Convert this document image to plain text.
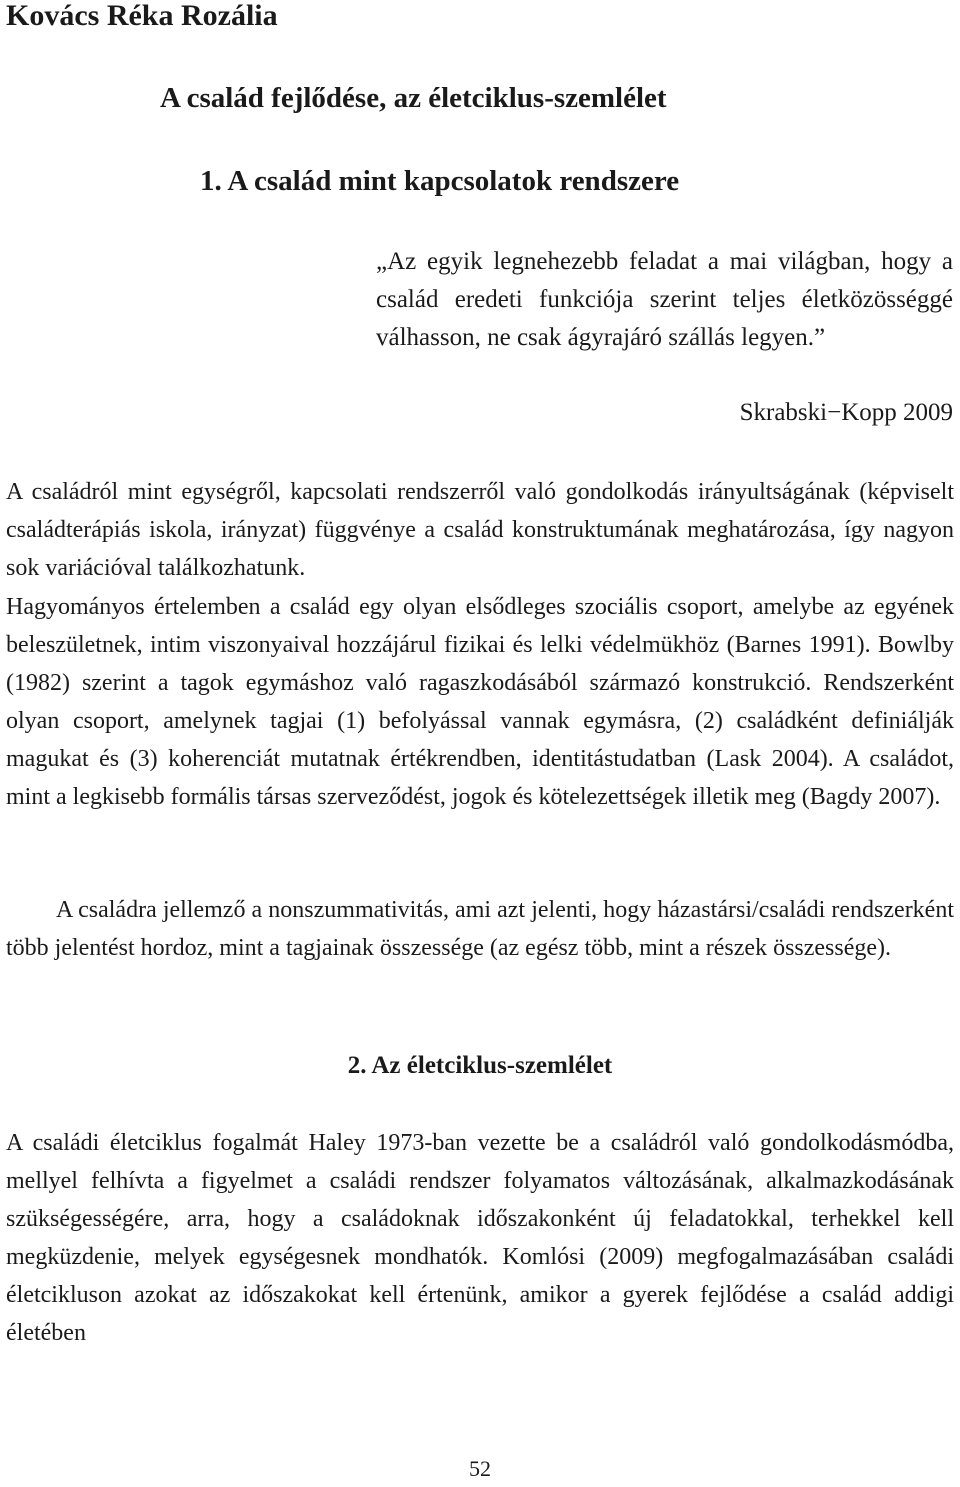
Kovács Réka Rozália

A család fejlődése, az életciklus-szemlélet
1. A család mint kapcsolatok rendszere

„Az egyik legnehezebb feladat a mai világban, hogy a család eredeti funkciója szerint teljes életközösséggé válhasson, ne csak ágyrajáró szállás legyen.”

Skrabski−Kopp 2009

A családról mint egységről, kapcsolati rendszerről való gondolkodás irányultságának (képviselt családterápiás iskola, irányzat) függvénye a család konstruktumának meghatározása, így nagyon sok variációval találkozhatunk.

Hagyományos értelemben a család egy olyan elsődleges szociális csoport, amelybe az egyének beleszületnek, intim viszonyaival hozzájárul fizikai és lelki védelmükhöz (Barnes 1991). Bowlby (1982) szerint a tagok egymáshoz való ragaszkodásából származó konstrukció. Rendszerként olyan csoport, amelynek tagjai (1) befolyással vannak egymásra, (2) családként definiálják magukat és (3) koherenciát mutatnak értékrendben, identitástudatban (Lask 2004). A családot, mint a legkisebb formális társas szerveződést, jogok és kötelezettségek illetik meg (Bagdy 2007).

A családra jellemző a nonszummativitás, ami azt jelenti, hogy házastársi/családi rendszerként több jelentést hordoz, mint a tagjainak összessége (az egész több, mint a részek összessége).

2. Az életciklus-szemlélet

A családi életciklus fogalmát Haley 1973-ban vezette be a családról való gondolkodásmódba, mellyel felhívta a figyelmet a családi rendszer folyamatos változásának, alkalmazkodásának szükségességére, arra, hogy a családoknak időszakonként új feladatokkal, terhekkel kell megküzdenie, melyek egységesnek mondhatók. Komlósi (2009) megfogalmazásában családi életcikluson azokat az időszakokat kell értenünk, amikor a gyerek fejlődése a család addigi életében

52
